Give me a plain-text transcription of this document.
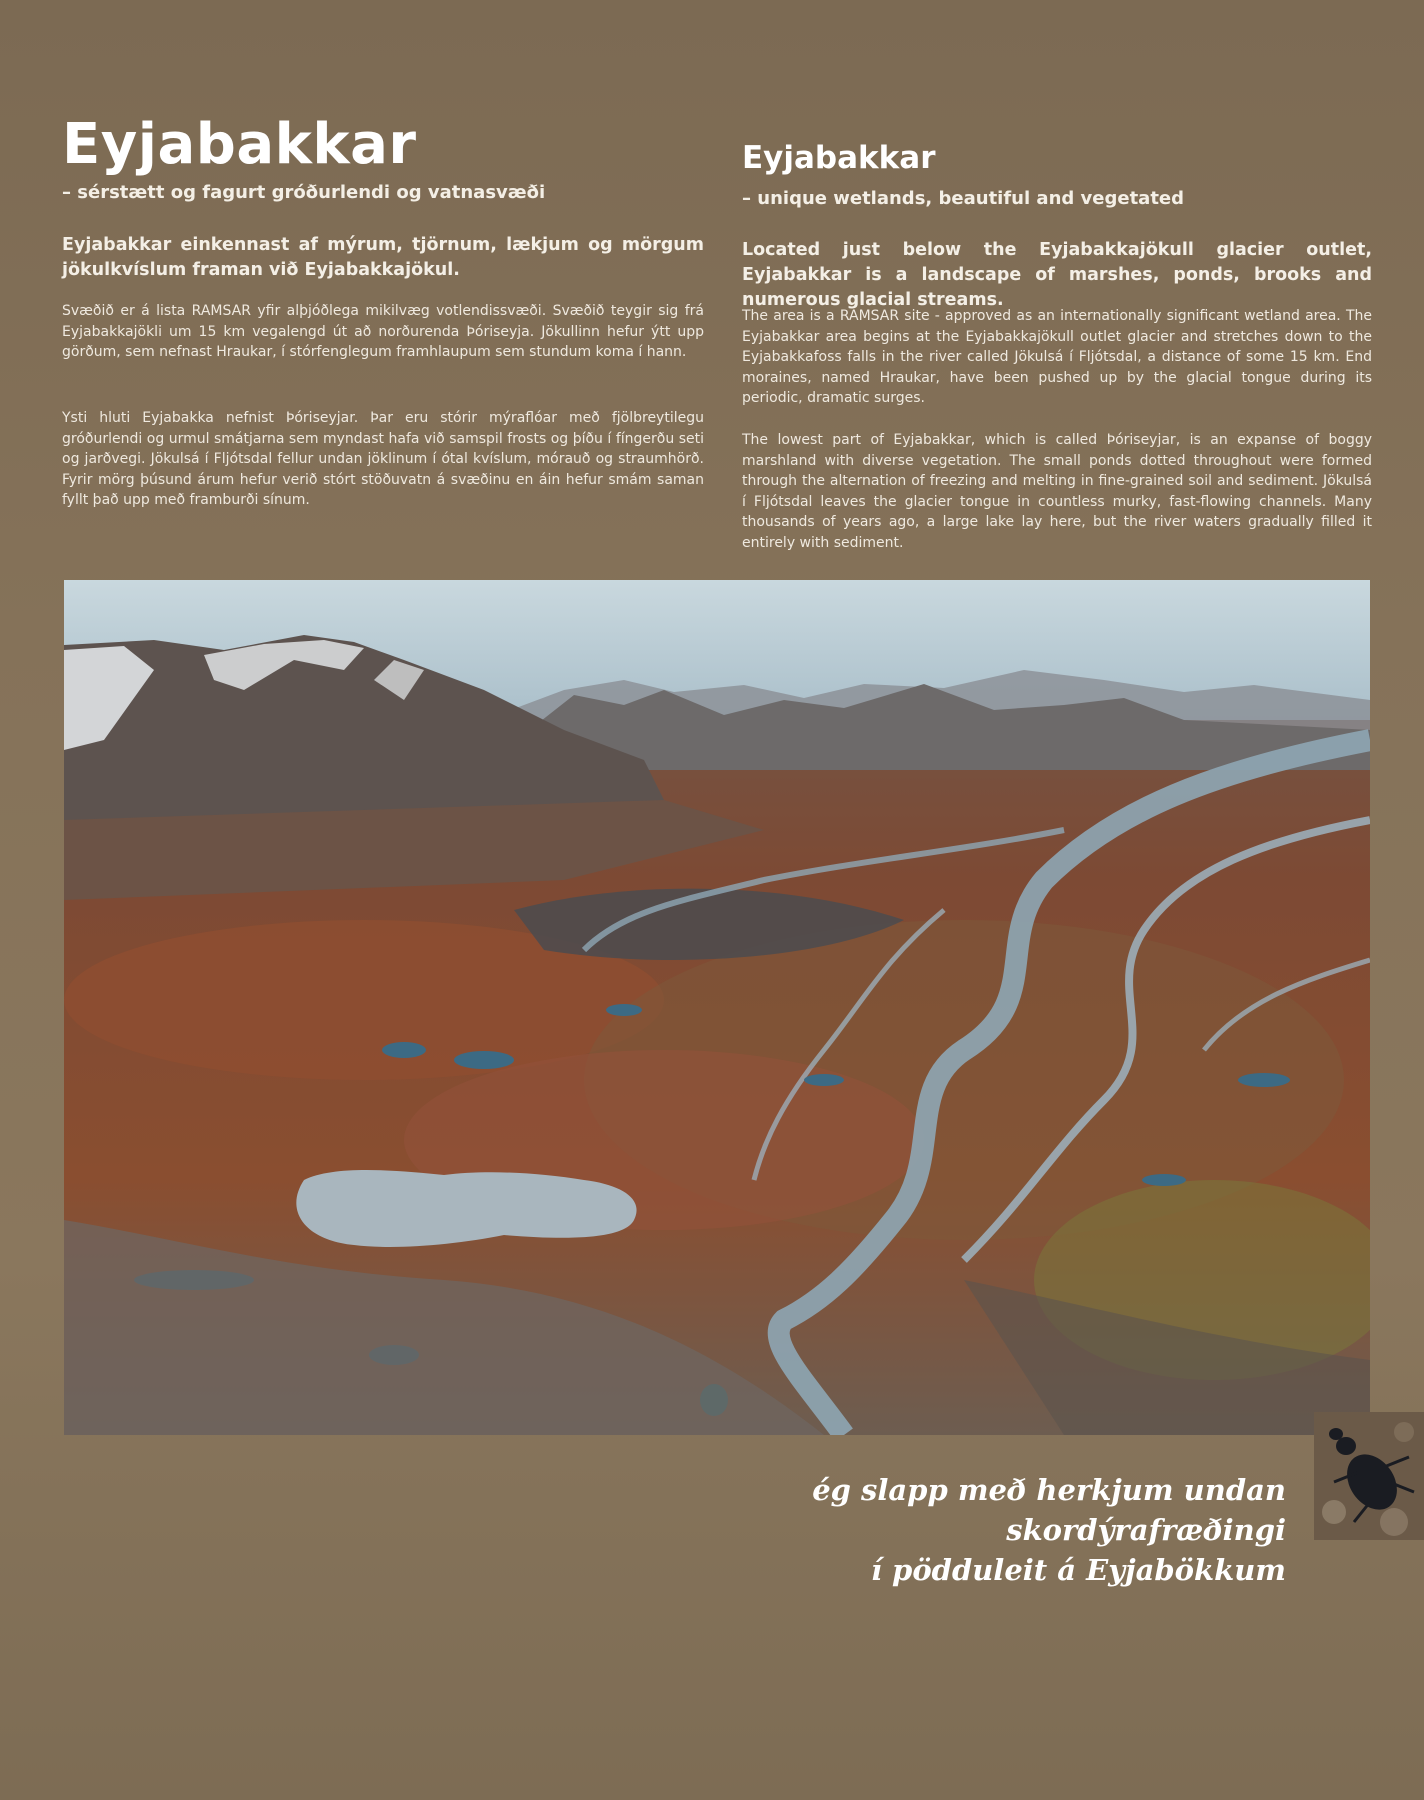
Eyjabakkar

– sérstætt og fagurt gróðurlendi og vatnasvæði

Eyjabakkar einkennast af mýrum, tjörnum, lækjum og mörgum jökulkvíslum framan við Eyjabakkajökul.

Svæðið er á lista RAMSAR yfir alþjóðlega mikilvæg votlendissvæði. Svæðið teygir sig frá Eyjabakkajökli um 15 km vegalengd út að norðurenda Þóriseyja. Jökullinn hefur ýtt upp görðum, sem nefnast Hraukar, í stórfenglegum framhlaupum sem stundum koma í hann.

Ysti hluti Eyjabakka nefnist Þóriseyjar. Þar eru stórir mýraflóar með fjölbreytilegu gróðurlendi og urmul smátjarna sem myndast hafa við samspil frosts og þíðu í fíngerðu seti og jarðvegi. Jökulsá í Fljótsdal fellur undan jöklinum í ótal kvíslum, mórauð og straumhörð. Fyrir mörg þúsund árum hefur verið stórt stöðuvatn á svæðinu en áin hefur smám saman fyllt það upp með framburði sínum.

Eyjabakkar

– unique wetlands, beautiful and vegetated

Located just below the Eyjabakkajökull glacier outlet, Eyjabakkar is a landscape of marshes, ponds, brooks and numerous glacial streams.

The area is a RAMSAR site - approved as an internationally significant wetland area. The Eyjabakkar area begins at the Eyjabakkajökull outlet glacier and stretches down to the Eyjabakkafoss falls in the river called Jökulsá í Fljótsdal, a distance of some 15 km. End moraines, named Hraukar, have been pushed up by the glacial tongue during its periodic, dramatic surges.

The lowest part of Eyjabakkar, which is called Þóriseyjar, is an expanse of boggy marshland with diverse vegetation. The small ponds dotted throughout were formed through the alternation of freezing and melting in fine-grained soil and sediment. Jökulsá í Fljótsdal leaves the glacier tongue in countless murky, fast-flowing channels. Many thousands of years ago, a large lake lay here, but the river waters gradually filled it entirely with sediment.

ég slapp með herkjum undan skordýrafræðingi
í pödduleit á Eyjabökkum
